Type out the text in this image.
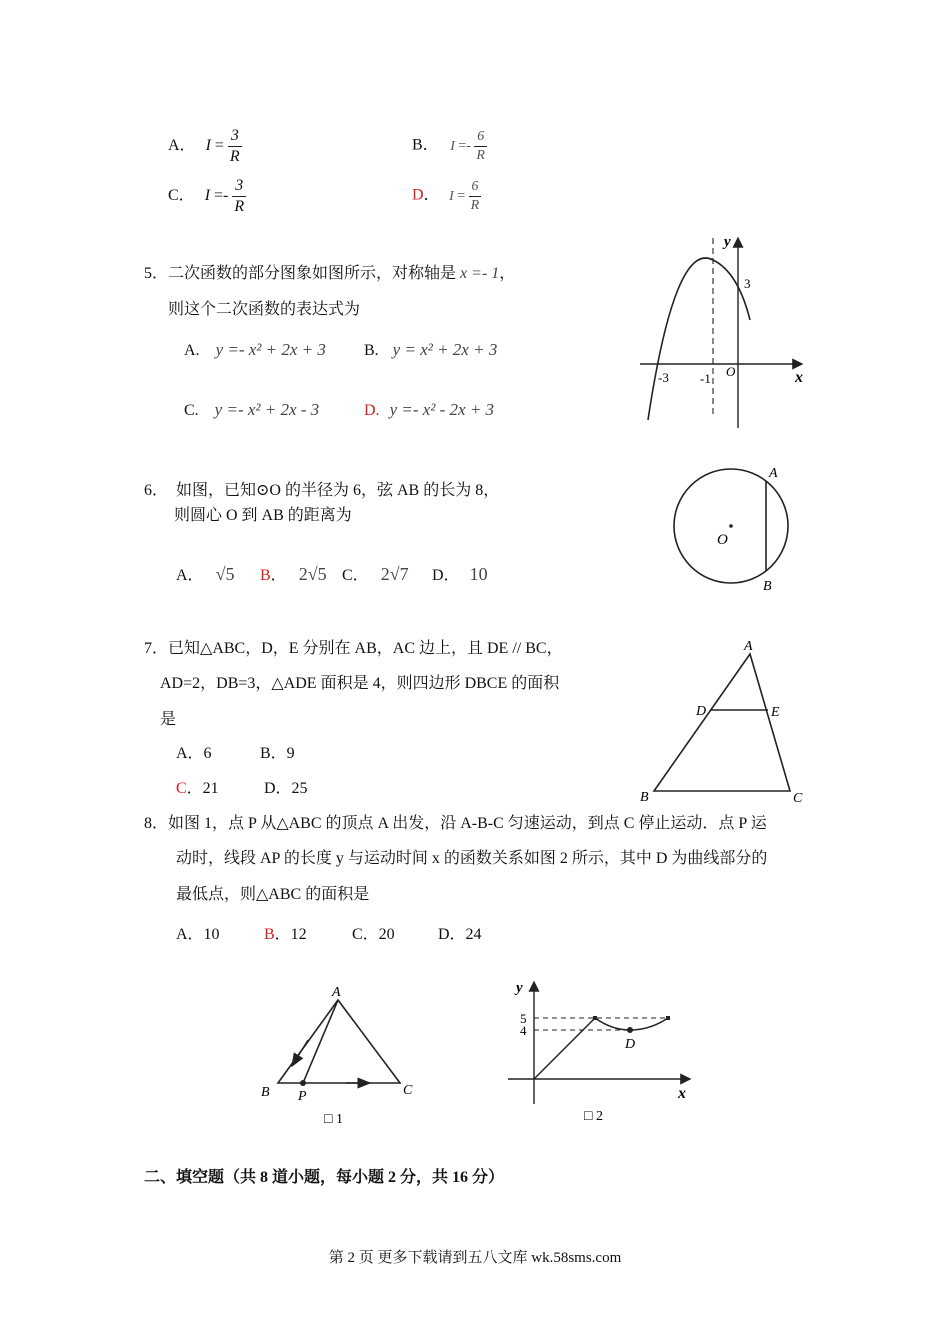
A． $I = \frac{3}{R}$	B． $I =- \frac{6}{R}$
C． $I =- \frac{3}{R}$	D． $I = \frac{6}{R}$
5．二次函数的部分图象如图所示，对称轴是 x =- 1，
则这个二次函数的表达式为
A. y =- x² + 2x + 3 B. y = x² + 2x + 3
C. y =- x² + 2x - 3	D. y =- x² - 2x + 3
y
x
O
-3 -1
3
6． 如图，已知⊙O 的半径为 6，弦 AB 的长为 8，
则圆心 O 到 AB 的距离为
A． √5 B． 2√5 C． 2√7 D． 10
A
B
O
7．已知△ABC，D，E 分别在 AB，AC 边上，且 DE // BC，
AD=2，DB=3，△ADE 面积是 4，则四边形 DBCE 的面积
是
A．6	B．9
C．21	D．25
A
B	C
D	E
8．如图 1，点 P 从△ABC 的顶点 A 出发，沿 A-B-C 匀速运动，到点 C 停止运动．点 P 运
动时，线段 AP 的长度 y 与运动时间 x 的函数关系如图 2 所示，其中 D 为曲线部分的
最低点，则△ABC 的面积是
A．10	B．12	C．20	D．24
A
B	C
P
□ 1
y
x
5
4
D
□ 2
二、填空题（共 8 道小题，每小题 2 分，共 16 分）
第 2 页 更多下载请到五八文库 wk.58sms.com
